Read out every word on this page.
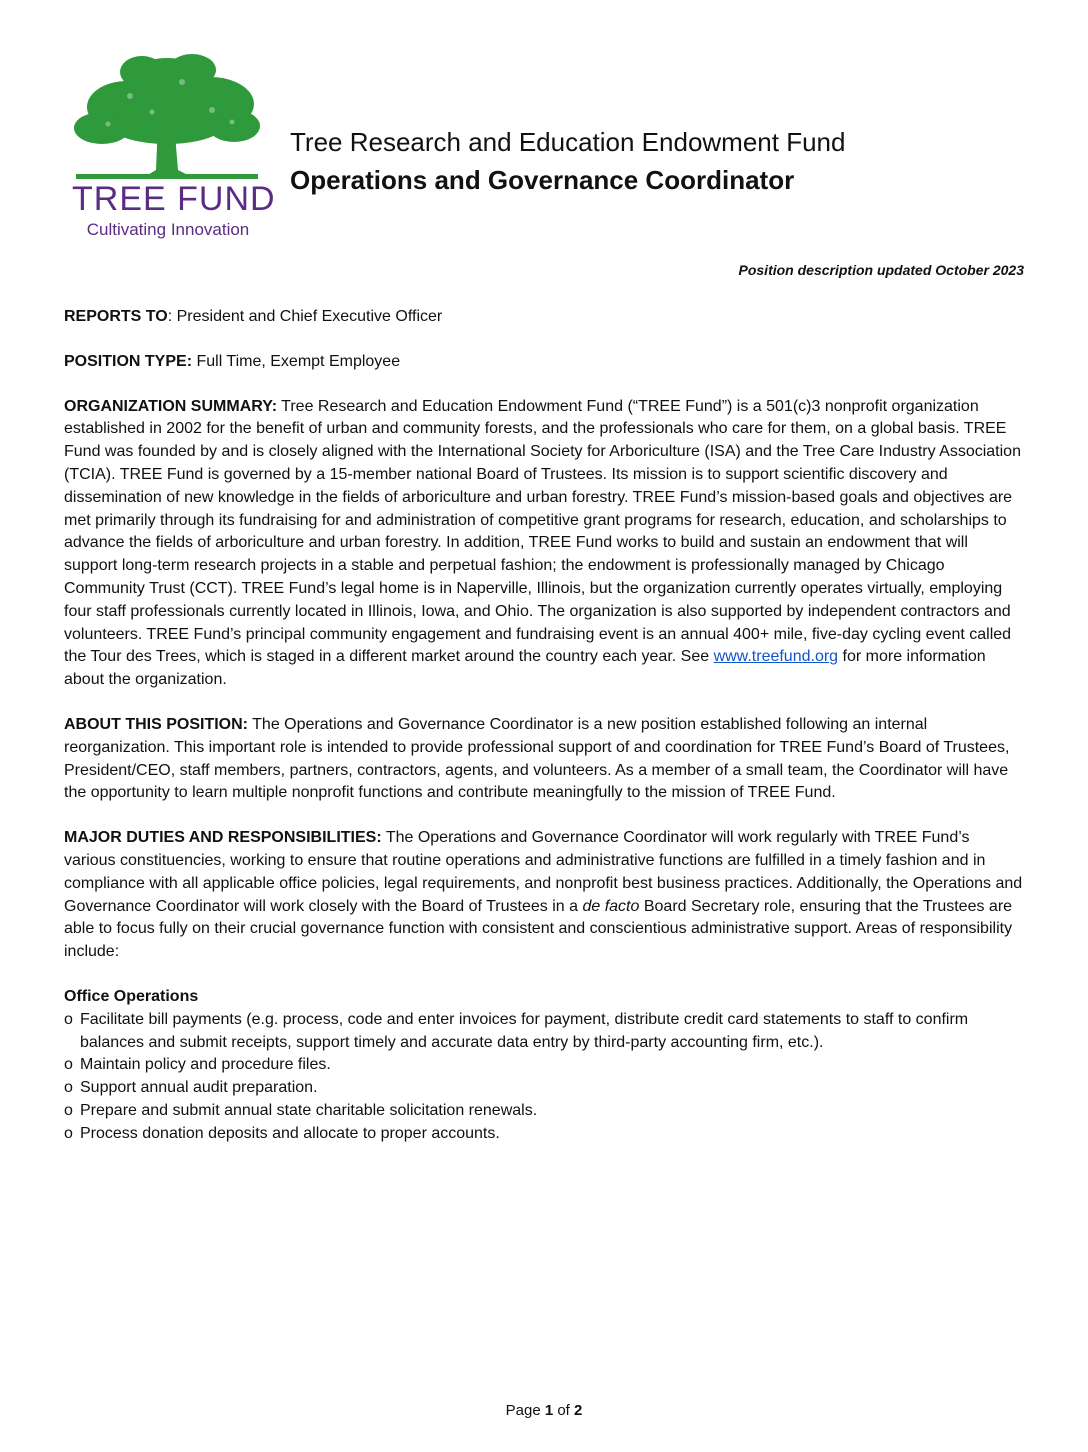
TREE FUND
Cultivating Innovation
Tree Research and Education Endowment Fund
Operations and Governance Coordinator
Position description updated October 2023

REPORTS TO: President and Chief Executive Officer

POSITION TYPE: Full Time, Exempt Employee

ORGANIZATION SUMMARY: Tree Research and Education Endowment Fund (“TREE Fund”) is a 501(c)3 nonprofit organization established in 2002 for the benefit of urban and community forests, and the professionals who care for them, on a global basis. TREE Fund was founded by and is closely aligned with the International Society for Arboriculture (ISA) and the Tree Care Industry Association (TCIA). TREE Fund is governed by a 15-member national Board of Trustees. Its mission is to support scientific discovery and dissemination of new knowledge in the fields of arboriculture and urban forestry. TREE Fund’s mission-based goals and objectives are met primarily through its fundraising for and administration of competitive grant programs for research, education, and scholarships to advance the fields of arboriculture and urban forestry. In addition, TREE Fund works to build and sustain an endowment that will support long-term research projects in a stable and perpetual fashion; the endowment is professionally managed by Chicago Community Trust (CCT). TREE Fund’s legal home is in Naperville, Illinois, but the organization currently operates virtually, employing four staff professionals currently located in Illinois, Iowa, and Ohio. The organization is also supported by independent contractors and volunteers. TREE Fund’s principal community engagement and fundraising event is an annual 400+ mile, five-day cycling event called the Tour des Trees, which is staged in a different market around the country each year. See www.treefund.org for more information about the organization.

ABOUT THIS POSITION: The Operations and Governance Coordinator is a new position established following an internal reorganization. This important role is intended to provide professional support of and coordination for TREE Fund’s Board of Trustees, President/CEO, staff members, partners, contractors, agents, and volunteers. As a member of a small team, the Coordinator will have the opportunity to learn multiple nonprofit functions and contribute meaningfully to the mission of TREE Fund.

MAJOR DUTIES AND RESPONSIBILITIES: The Operations and Governance Coordinator will work regularly with TREE Fund’s various constituencies, working to ensure that routine operations and administrative functions are fulfilled in a timely fashion and in compliance with all applicable office policies, legal requirements, and nonprofit best business practices. Additionally, the Operations and Governance Coordinator will work closely with the Board of Trustees in a de facto Board Secretary role, ensuring that the Trustees are able to focus fully on their crucial governance function with consistent and conscientious administrative support. Areas of responsibility include:

Office Operations

o Facilitate bill payments (e.g. process, code and enter invoices for payment, distribute credit card statements to staff to confirm balances and submit receipts, support timely and accurate data entry by third-party accounting firm, etc.).
o Maintain policy and procedure files.
o Support annual audit preparation.
o Prepare and submit annual state charitable solicitation renewals.
o Process donation deposits and allocate to proper accounts.
Page 1 of 2
